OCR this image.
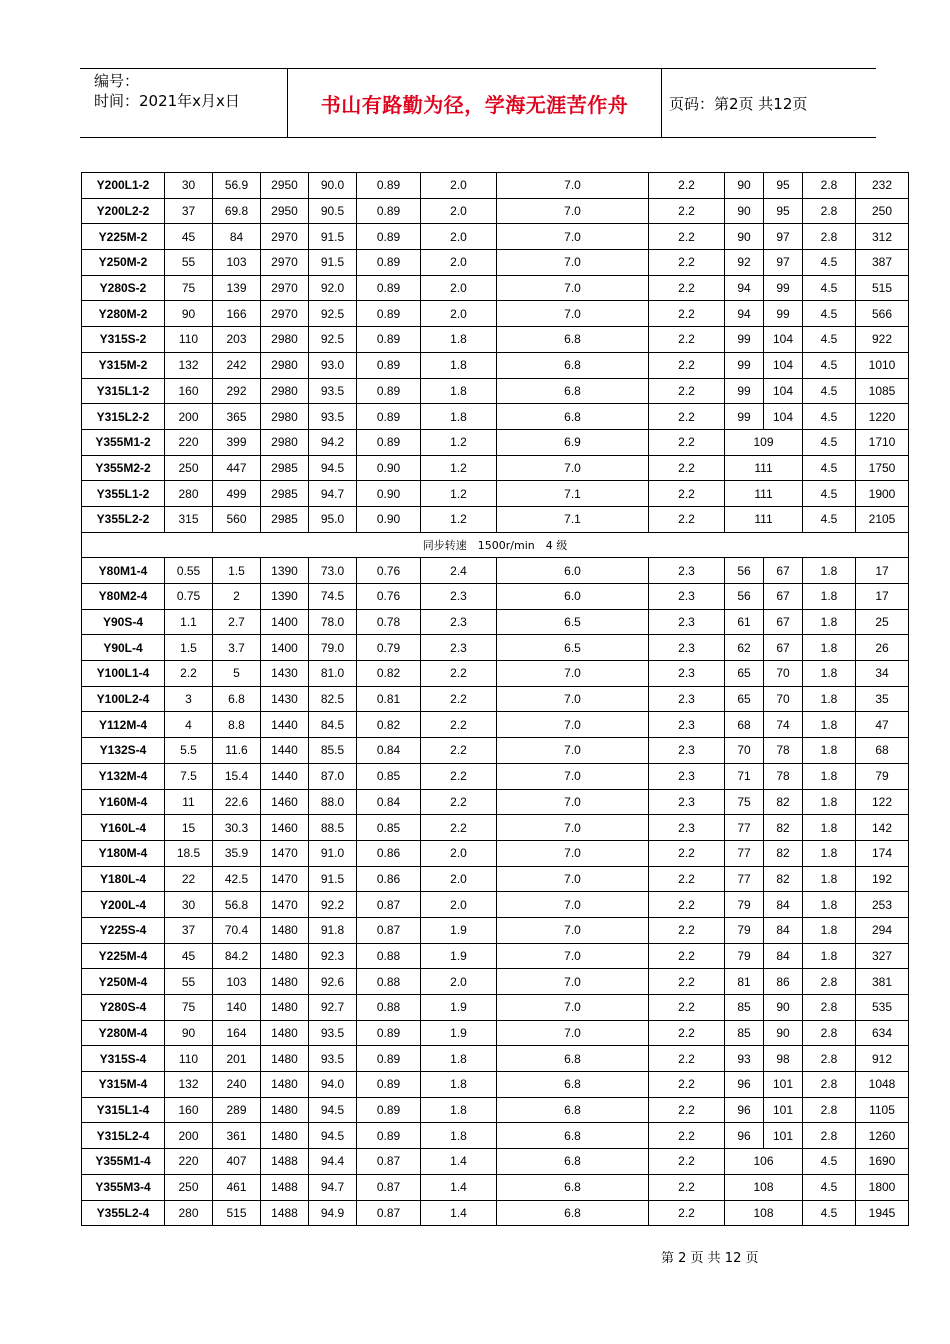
编号：
时间：2021年x月x日	书山有路勤为径，学海无涯苦作舟	页码：第2页 共12页
Y200L1-2	30	56.9	2950	90.0	0.89	2.0	7.0	2.2	90	95	2.8	232
Y200L2-2	37	69.8	2950	90.5	0.89	2.0	7.0	2.2	90	95	2.8	250
Y225M-2	45	84	2970	91.5	0.89	2.0	7.0	2.2	90	97	2.8	312
Y250M-2	55	103	2970	91.5	0.89	2.0	7.0	2.2	92	97	4.5	387
Y280S-2	75	139	2970	92.0	0.89	2.0	7.0	2.2	94	99	4.5	515
Y280M-2	90	166	2970	92.5	0.89	2.0	7.0	2.2	94	99	4.5	566
Y315S-2	110	203	2980	92.5	0.89	1.8	6.8	2.2	99	104	4.5	922
Y315M-2	132	242	2980	93.0	0.89	1.8	6.8	2.2	99	104	4.5	1010
Y315L1-2	160	292	2980	93.5	0.89	1.8	6.8	2.2	99	104	4.5	1085
Y315L2-2	200	365	2980	93.5	0.89	1.8	6.8	2.2	99	104	4.5	1220
Y355M1-2	220	399	2980	94.2	0.89	1.2	6.9	2.2	109		4.5	1710
Y355M2-2	250	447	2985	94.5	0.90	1.2	7.0	2.2	111		4.5	1750
Y355L1-2	280	499	2985	94.7	0.90	1.2	7.1	2.2	111		4.5	1900
Y355L2-2	315	560	2985	95.0	0.90	1.2	7.1	2.2	111		4.5	2105
同步转速　1500r/min　4 级												
Y80M1-4	0.55	1.5	1390	73.0	0.76	2.4	6.0	2.3	56	67	1.8	17
Y80M2-4	0.75	2	1390	74.5	0.76	2.3	6.0	2.3	56	67	1.8	17
Y90S-4	1.1	2.7	1400	78.0	0.78	2.3	6.5	2.3	61	67	1.8	25
Y90L-4	1.5	3.7	1400	79.0	0.79	2.3	6.5	2.3	62	67	1.8	26
Y100L1-4	2.2	5	1430	81.0	0.82	2.2	7.0	2.3	65	70	1.8	34
Y100L2-4	3	6.8	1430	82.5	0.81	2.2	7.0	2.3	65	70	1.8	35
Y112M-4	4	8.8	1440	84.5	0.82	2.2	7.0	2.3	68	74	1.8	47
Y132S-4	5.5	11.6	1440	85.5	0.84	2.2	7.0	2.3	70	78	1.8	68
Y132M-4	7.5	15.4	1440	87.0	0.85	2.2	7.0	2.3	71	78	1.8	79
Y160M-4	11	22.6	1460	88.0	0.84	2.2	7.0	2.3	75	82	1.8	122
Y160L-4	15	30.3	1460	88.5	0.85	2.2	7.0	2.3	77	82	1.8	142
Y180M-4	18.5	35.9	1470	91.0	0.86	2.0	7.0	2.2	77	82	1.8	174
Y180L-4	22	42.5	1470	91.5	0.86	2.0	7.0	2.2	77	82	1.8	192
Y200L-4	30	56.8	1470	92.2	0.87	2.0	7.0	2.2	79	84	1.8	253
Y225S-4	37	70.4	1480	91.8	0.87	1.9	7.0	2.2	79	84	1.8	294
Y225M-4	45	84.2	1480	92.3	0.88	1.9	7.0	2.2	79	84	1.8	327
Y250M-4	55	103	1480	92.6	0.88	2.0	7.0	2.2	81	86	2.8	381
Y280S-4	75	140	1480	92.7	0.88	1.9	7.0	2.2	85	90	2.8	535
Y280M-4	90	164	1480	93.5	0.89	1.9	7.0	2.2	85	90	2.8	634
Y315S-4	110	201	1480	93.5	0.89	1.8	6.8	2.2	93	98	2.8	912
Y315M-4	132	240	1480	94.0	0.89	1.8	6.8	2.2	96	101	2.8	1048
Y315L1-4	160	289	1480	94.5	0.89	1.8	6.8	2.2	96	101	2.8	1105
Y315L2-4	200	361	1480	94.5	0.89	1.8	6.8	2.2	96	101	2.8	1260
Y355M1-4	220	407	1488	94.4	0.87	1.4	6.8	2.2	106		4.5	1690
Y355M3-4	250	461	1488	94.7	0.87	1.4	6.8	2.2	108		4.5	1800
Y355L2-4	280	515	1488	94.9	0.87	1.4	6.8	2.2	108		4.5	1945
第 2 页 共 12 页
